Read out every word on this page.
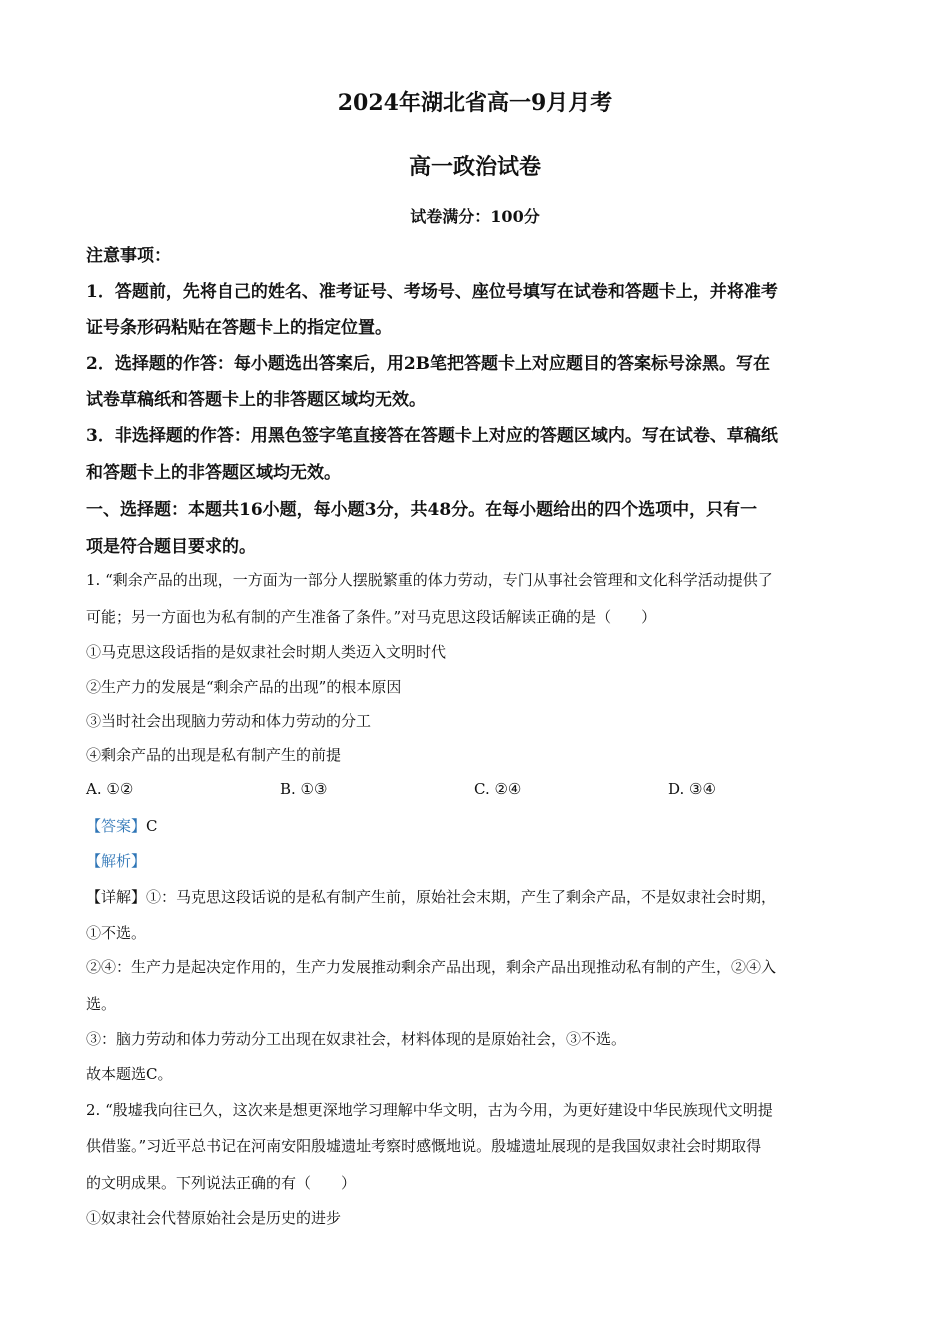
2024年湖北省高一9月月考
高一政治试卷
试卷满分：100分
注意事项：
1．答题前，先将自己的姓名、准考证号、考场号、座位号填写在试卷和答题卡上，并将准考
证号条形码粘贴在答题卡上的指定位置。
2．选择题的作答：每小题选出答案后，用2B笔把答题卡上对应题目的答案标号涂黑。写在
试卷草稿纸和答题卡上的非答题区域均无效。
3．非选择题的作答：用黑色签字笔直接答在答题卡上对应的答题区域内。写在试卷、草稿纸
和答题卡上的非答题区域均无效。
一、选择题：本题共16小题，每小题3分，共48分。在每小题给出的四个选项中，只有一
项是符合题目要求的。
1. “剩余产品的出现，一方面为一部分人摆脱繁重的体力劳动，专门从事社会管理和文化科学活动提供了
可能；另一方面也为私有制的产生准备了条件。”对马克思这段话解读正确的是（　　）
①马克思这段话指的是奴隶社会时期人类迈入文明时代
②生产力的发展是“剩余产品的出现”的根本原因
③当时社会出现脑力劳动和体力劳动的分工
④剩余产品的出现是私有制产生的前提
A. ①②	B. ①③	C. ②④	D. ③④
【答案】C
【解析】
【详解】①：马克思这段话说的是私有制产生前，原始社会末期，产生了剩余产品，不是奴隶社会时期，
①不选。
②④：生产力是起决定作用的，生产力发展推动剩余产品出现，剩余产品出现推动私有制的产生，②④入
选。
③：脑力劳动和体力劳动分工出现在奴隶社会，材料体现的是原始社会，③不选。
故本题选C。
2. “殷墟我向往已久，这次来是想更深地学习理解中华文明，古为今用，为更好建设中华民族现代文明提
供借鉴。”习近平总书记在河南安阳殷墟遗址考察时感慨地说。殷墟遗址展现的是我国奴隶社会时期取得
的文明成果。下列说法正确的有（　　）
①奴隶社会代替原始社会是历史的进步
